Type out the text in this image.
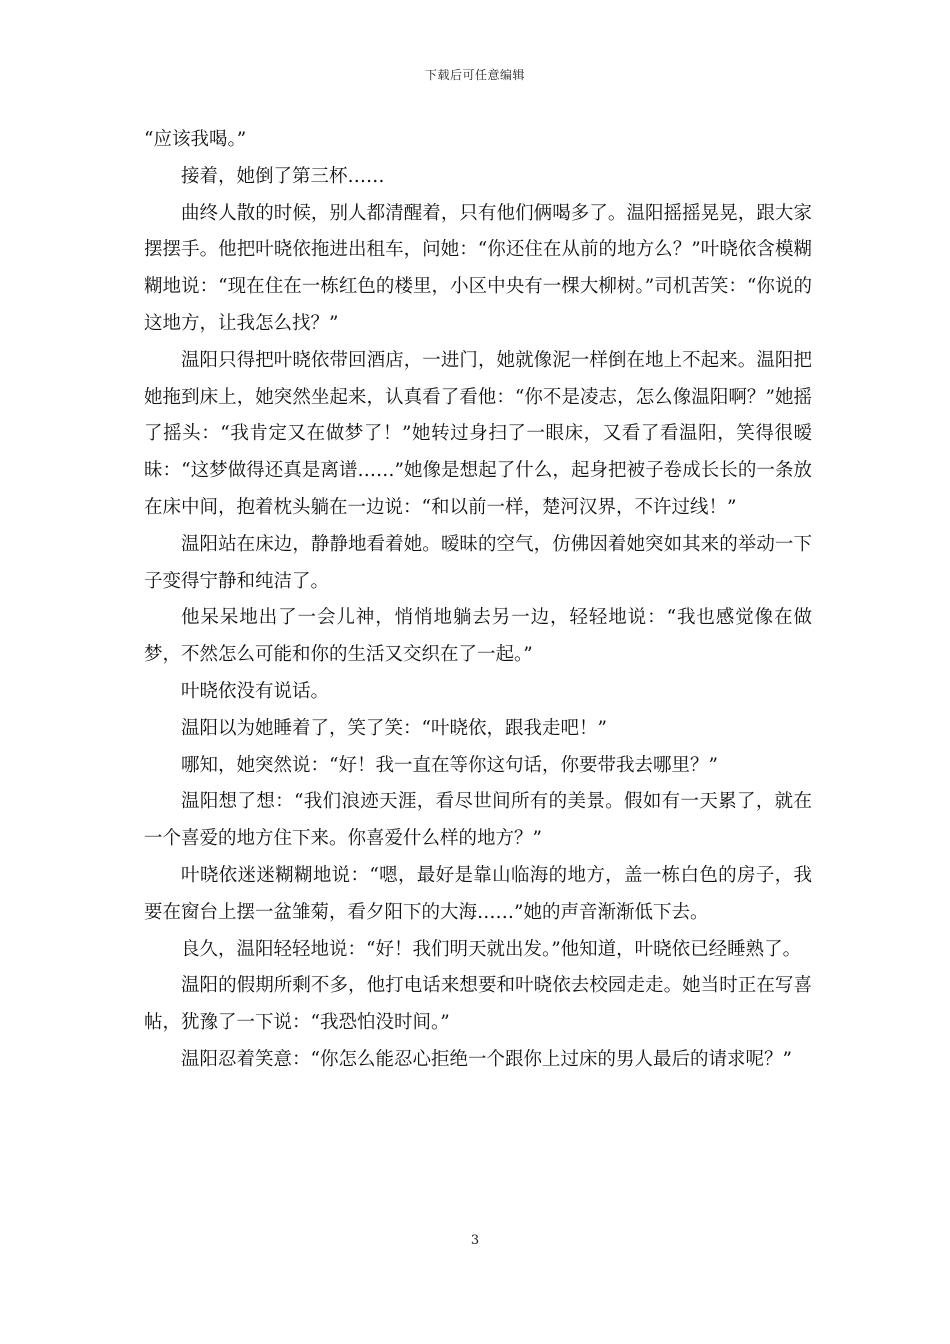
下载后可任意编辑

“应该我喝。”

接着，她倒了第三杯……

曲终人散的时候，别人都清醒着，只有他们俩喝多了。温阳摇摇晃晃，跟大家摆摆手。他把叶晓依拖进出租车，问她：“你还住在从前的地方么？”叶晓依含模糊糊地说：“现在住在一栋红色的楼里，小区中央有一棵大柳树。”司机苦笑：“你说的这地方，让我怎么找？”

温阳只得把叶晓依带回酒店，一进门，她就像泥一样倒在地上不起来。温阳把她拖到床上，她突然坐起来，认真看了看他：“你不是凌志，怎么像温阳啊？”她摇了摇头：“我肯定又在做梦了！”她转过身扫了一眼床，又看了看温阳，笑得很暧昧：“这梦做得还真是离谱……”她像是想起了什么，起身把被子卷成长长的一条放在床中间，抱着枕头躺在一边说：“和以前一样，楚河汉界，不许过线！”

温阳站在床边，静静地看着她。暧昧的空气，仿佛因着她突如其来的举动一下子变得宁静和纯洁了。

他呆呆地出了一会儿神，悄悄地躺去另一边，轻轻地说：“我也感觉像在做梦，不然怎么可能和你的生活又交织在了一起。”

叶晓依没有说话。

温阳以为她睡着了，笑了笑：“叶晓依，跟我走吧！”

哪知，她突然说：“好！我一直在等你这句话，你要带我去哪里？”

温阳想了想：“我们浪迹天涯，看尽世间所有的美景。假如有一天累了，就在一个喜爱的地方住下来。你喜爱什么样的地方？”

叶晓依迷迷糊糊地说：“嗯，最好是靠山临海的地方，盖一栋白色的房子，我要在窗台上摆一盆雏菊，看夕阳下的大海……”她的声音渐渐低下去。

良久，温阳轻轻地说：“好！我们明天就出发。”他知道，叶晓依已经睡熟了。

温阳的假期所剩不多，他打电话来想要和叶晓依去校园走走。她当时正在写喜帖，犹豫了一下说：“我恐怕没时间。”

温阳忍着笑意：“你怎么能忍心拒绝一个跟你上过床的男人最后的请求呢？”

3
